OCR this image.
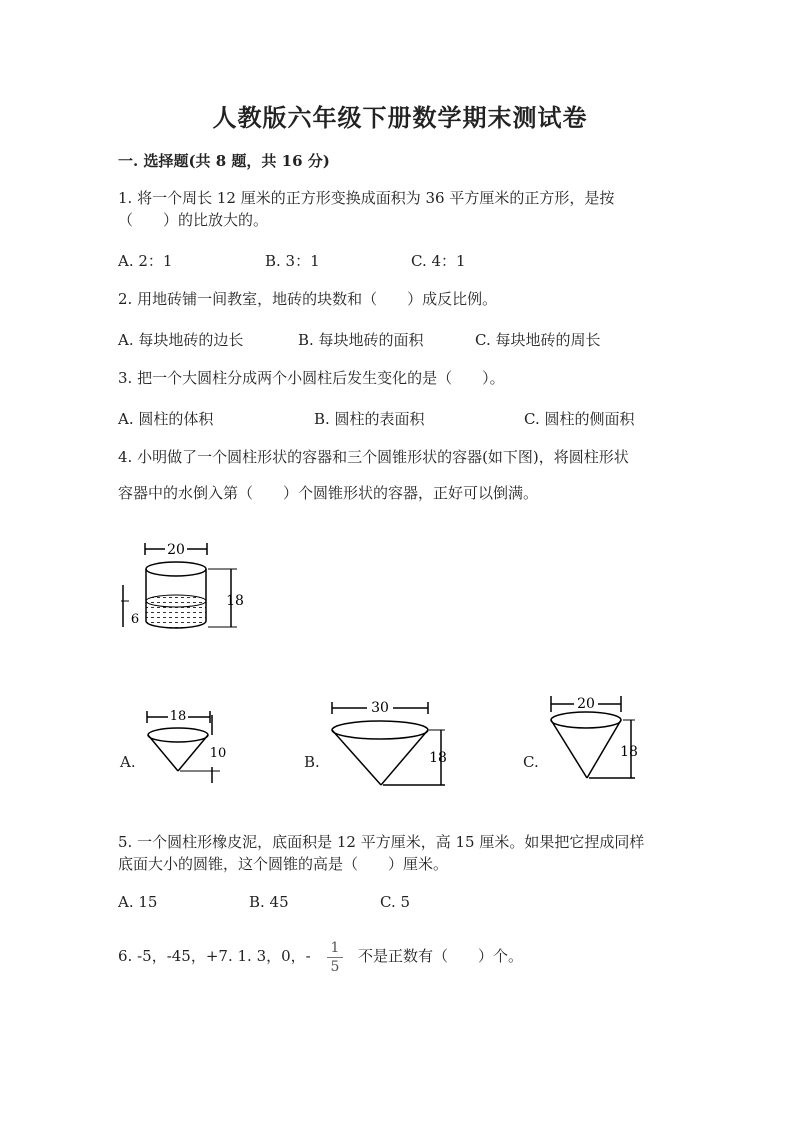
人教版六年级下册数学期末测试卷
一. 选择题(共 8 题，共 16 分)
1. 将一个周长 12 厘米的正方形变换成面积为 36 平方厘米的正方形，是按
（　　）的比放大的。
A. 2：1	B. 3：1	C. 4：1
2. 用地砖铺一间教室，地砖的块数和（　　）成反比例。
A. 每块地砖的边长	B. 每块地砖的面积	C. 每块地砖的周长
3. 把一个大圆柱分成两个小圆柱后发生变化的是（　　）。
A. 圆柱的体积	B. 圆柱的表面积	C. 圆柱的侧面积
4. 小明做了一个圆柱形状的容器和三个圆锥形状的容器(如下图)，将圆柱形状
容器中的水倒入第（　　）个圆锥形状的容器，正好可以倒满。
20
18
6
A.
18
10	B.
30
18	C.
20
18
5. 一个圆柱形橡皮泥，底面积是 12 平方厘米，高 15 厘米。如果把它捏成同样
底面大小的圆锥，这个圆锥的高是（　　）厘米。
A. 15	B. 45	C. 5
6. -5，-45，+7. 1. 3，0，-	1
5
不是正数有（　　）个。
